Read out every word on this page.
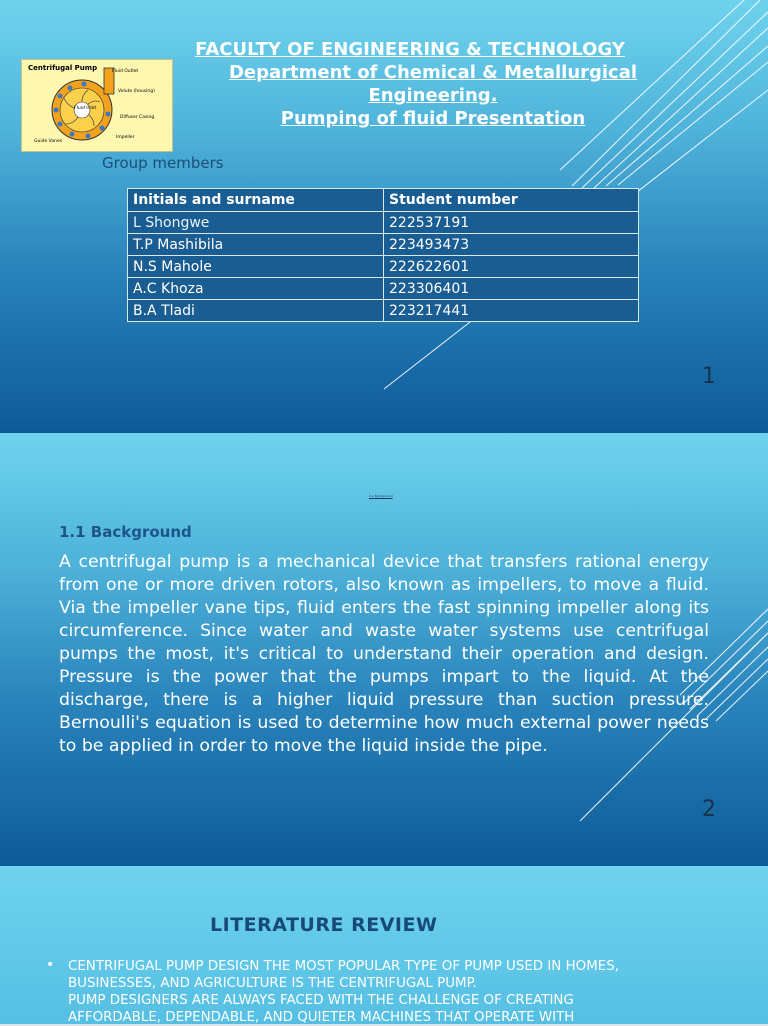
FACULTY OF ENGINEERING & TECHNOLOGY
Department of Chemical & Metallurgical
Engineering.
Pumping of fluid Presentation
Centrifugal Pump	Fluid Outlet
Volute (housing)
Fluid Inlet
Diffuser Casing
Impeller
Guide Vanes
Group members
Initials and surname	Student number
L Shongwe	222537191
T.P Mashibila	223493473
N.S Mahole	222622601
A.C Khoza	223306401
B.A Tladi	223217441
1
1.1 Background
1.1 Background
A centrifugal pump is a mechanical device that transfers rational energy from one or more driven rotors, also known as impellers, to move a fluid. Via the impeller vane tips, fluid enters the fast spinning impeller along its circumference. Since water and waste water systems use centrifugal pumps the most, it's critical to understand their operation and design. Pressure is the power that the pumps impart to the liquid. At the discharge, there is a higher liquid pressure than suction pressure. Bernoulli's equation is used to determine how much external power needs to be applied in order to move the liquid inside the pipe.
2
LITERATURE REVIEW
• CENTRIFUGAL PUMP DESIGN THE MOST POPULAR TYPE OF PUMP USED IN HOMES, BUSINESSES, AND AGRICULTURE IS THE CENTRIFUGAL PUMP.
PUMP DESIGNERS ARE ALWAYS FACED WITH THE CHALLENGE OF CREATING AFFORDABLE, DEPENDABLE, AND QUIETER MACHINES THAT OPERATE WITH
